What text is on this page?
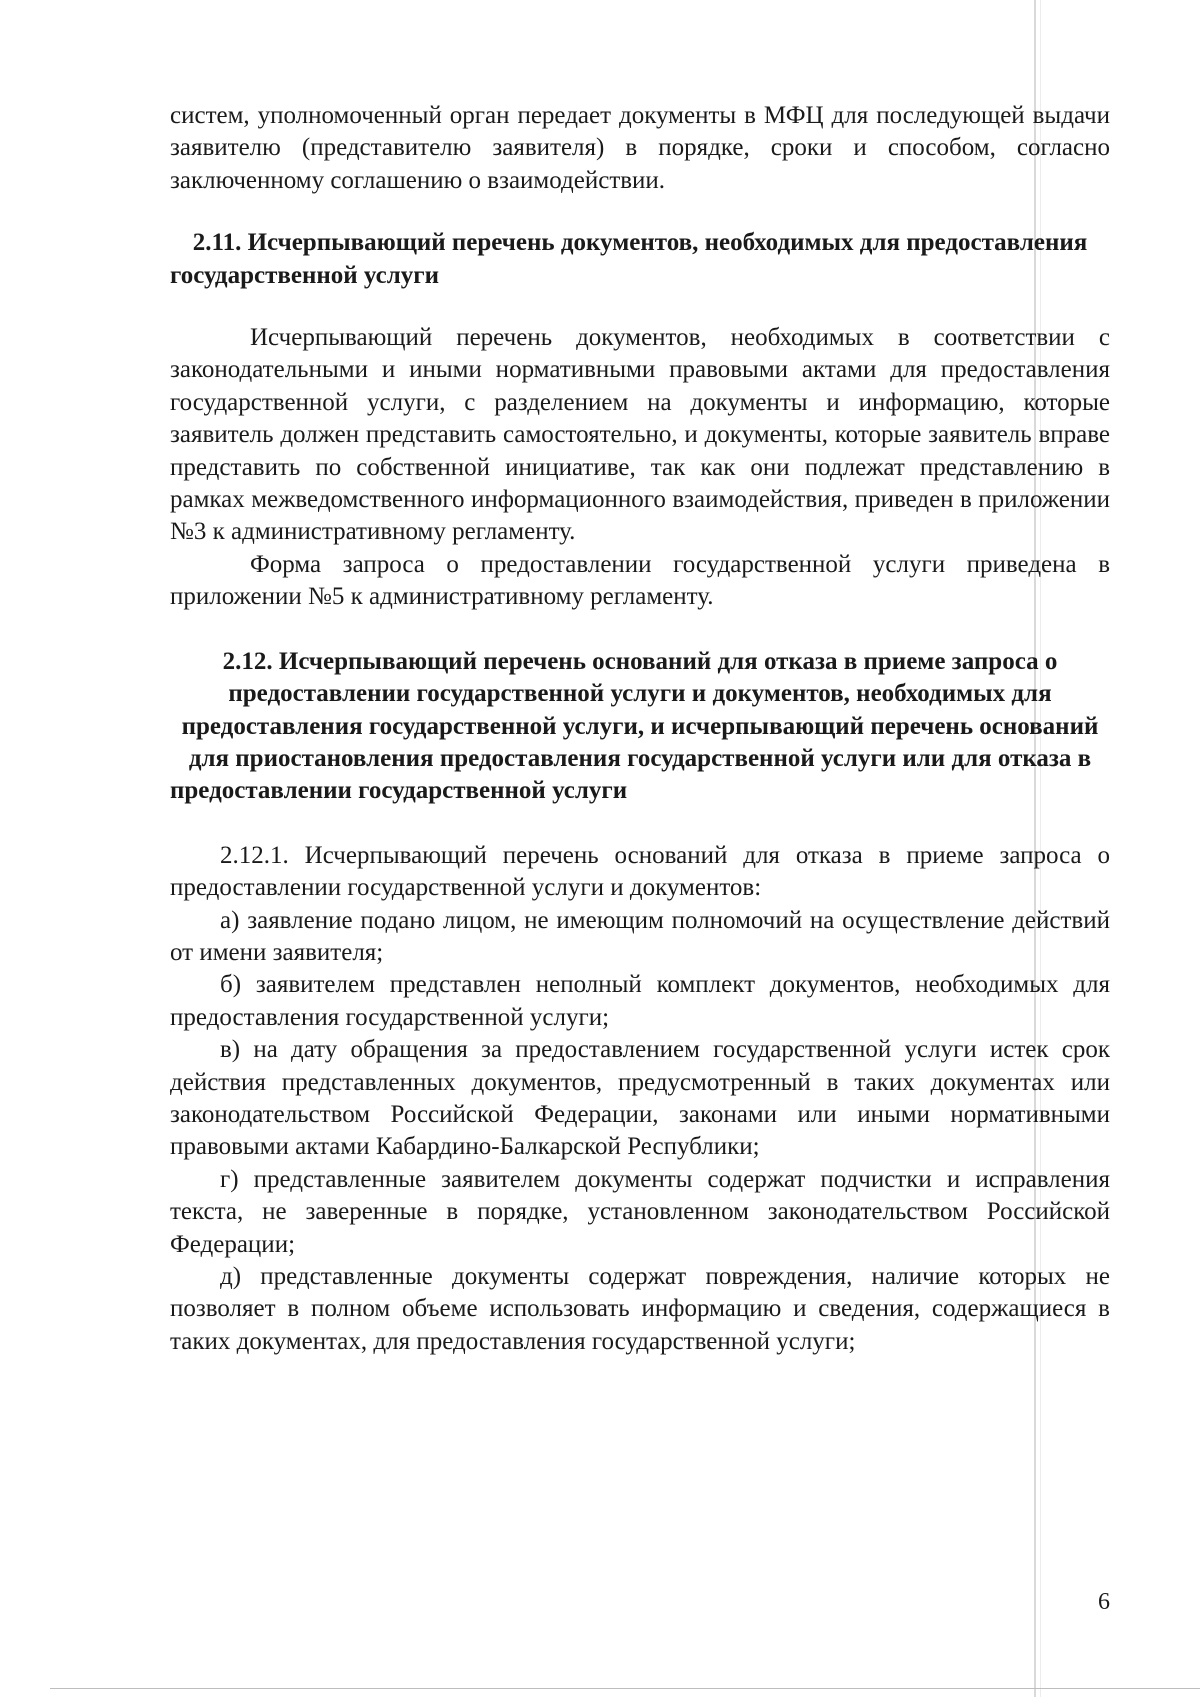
систем, уполномоченный орган передает документы в МФЦ для последующей выдачи заявителю (представителю заявителя) в порядке, сроки и способом, согласно заключенному соглашению о взаимодействии.

2.11. Исчерпывающий перечень документов, необходимых для предоставления государственной услуги

Исчерпывающий перечень документов, необходимых в соответствии с законодательными и иными нормативными правовыми актами для предоставления государственной услуги, с разделением на документы и информацию, которые заявитель должен представить самостоятельно, и документы, которые заявитель вправе представить по собственной инициативе, так как они подлежат представлению в рамках межведомственного информационного взаимодействия, приведен в приложении №3 к административному регламенту.

Форма запроса о предоставлении государственной услуги приведена в приложении №5 к административному регламенту.

2.12. Исчерпывающий перечень оснований для отказа в приеме запроса о предоставлении государственной услуги и документов, необходимых для предоставления государственной услуги, и исчерпывающий перечень оснований для приостановления предоставления государственной услуги или для отказа в предоставлении государственной услуги

2.12.1. Исчерпывающий перечень оснований для отказа в приеме запроса о предоставлении государственной услуги и документов:

а) заявление подано лицом, не имеющим полномочий на осуществление действий от имени заявителя;

б) заявителем представлен неполный комплект документов, необходимых для предоставления государственной услуги;

в) на дату обращения за предоставлением государственной услуги истек срок действия представленных документов, предусмотренный в таких документах или законодательством Российской Федерации, законами или иными нормативными правовыми актами Кабардино-Балкарской Республики;

г) представленные заявителем документы содержат подчистки и исправления текста, не заверенные в порядке, установленном законодательством Российской Федерации;

д) представленные документы содержат повреждения, наличие которых не позволяет в полном объеме использовать информацию и сведения, содержащиеся в таких документах, для предоставления государственной услуги;

6
